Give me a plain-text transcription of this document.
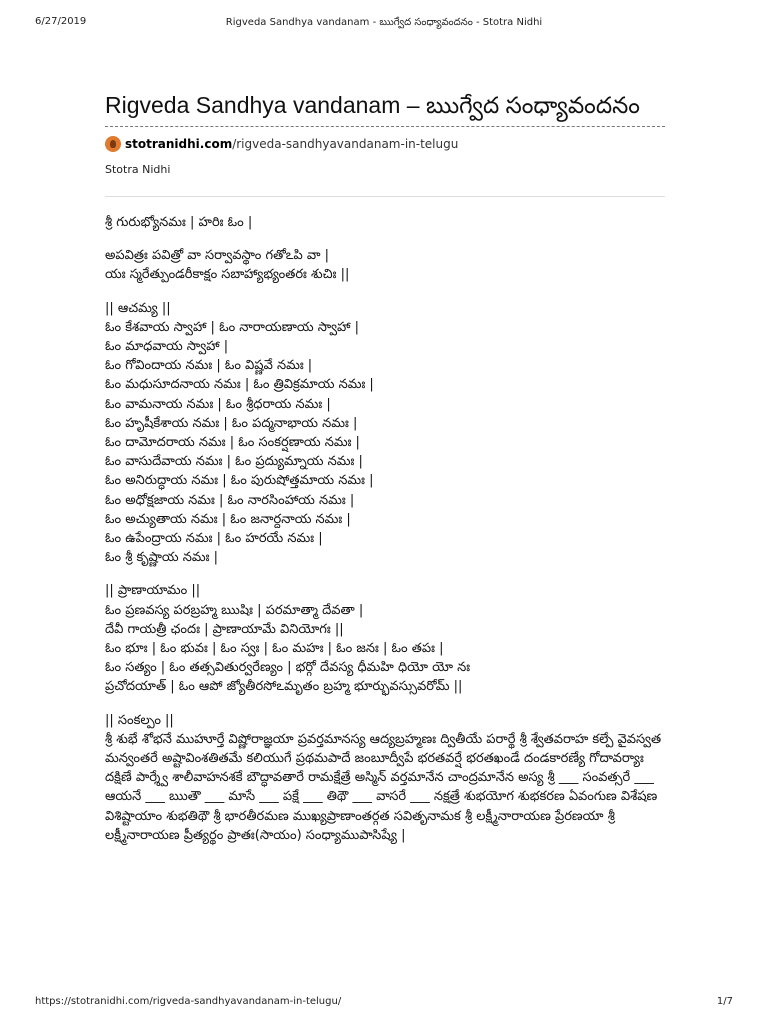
6/27/2019	Rigveda Sandhya vandanam - ఋగ్వేద సంధ్యావందనం - Stotra Nidhi
Rigveda Sandhya vandanam – ఋగ్వేద సంధ్యావందనం
stotranidhi.com /rigveda-sandhyavandanam-in-telugu
Stotra Nidhi
శ్రీ గురుభ్యోనమః | హరిః ఓం |
అపవిత్రః పవిత్రో వా సర్వావస్థాం గతోఽపి వా |
యః స్మరేత్పుండరీకాక్షం సబాహ్యాభ్యంతరః శుచిః ||
|| ఆచమ్య ||
ఓం కేశవాయ స్వాహా | ఓం నారాయణాయ స్వాహా |
ఓం మాధవాయ స్వాహా |
ఓం గోవిందాయ నమః | ఓం విష్ణవే నమః |
ఓం మధుసూదనాయ నమః | ఓం త్రివిక్రమాయ నమః |
ఓం వామనాయ నమః | ఓం శ్రీధరాయ నమః |
ఓం హృషీకేశాయ నమః | ఓం పద్మనాభాయ నమః |
ఓం దామోదరాయ నమః | ఓం సంకర్షణాయ నమః |
ఓం వాసుదేవాయ నమః | ఓం ప్రద్యుమ్నాయ నమః |
ఓం అనిరుద్ధాయ నమః | ఓం పురుషోత్తమాయ నమః |
ఓం అధోక్షజాయ నమః | ఓం నారసింహాయ నమః |
ఓం అచ్యుతాయ నమః | ఓం జనార్దనాయ నమః |
ఓం ఉపేంద్రాయ నమః | ఓం హరయే నమః |
ఓం శ్రీ కృష్ణాయ నమః |
|| ప్రాణాయామం ||
ఓం ప్రణవస్య పరబ్రహ్మ ఋషిః | పరమాత్మా దేవతా |
దేవీ గాయత్రీ ఛందః | ప్రాణాయామే వినియోగః ||
ఓం భూః | ఓం భువః | ఓం స్వః | ఓం మహః | ఓం జనః | ఓం తపః |
ఓం సత్యం | ఓం తత్సవితుర్వరేణ్యం | భర్గో దేవస్య ధీమహి ధియో యో నః
ప్రచోదయాత్ | ఓం ఆపో జ్యోతీరసోఽమృతం బ్రహ్మ భూర్భువస్సువరోమ్ ||
|| సంకల్పం ||
శ్రీ శుభే శోభనే ముహూర్తే విష్ణోరాజ్ఞయా ప్రవర్తమానస్య ఆద్యబ్రహ్మణః ద్వితీయే పరార్థే శ్రీ శ్వేతవరాహ కల్పే వైవస్వత మన్వంతరే అష్టావింశతితమే కలియుగే ప్రథమపాదే జంబూద్వీపే భరతవర్షే భరతఖండే దండకారణ్యే గోదావర్యాః దక్షిణే పార్శ్వే శాలీవాహనశకే బౌద్ధావతారే రామక్షేత్రే అస్మిన్ వర్తమానేన చాంద్రమానేన అస్య శ్రీ ___ సంవత్సరే ___ ఆయనే ___ ఋతౌ ___ మాసే ___ పక్షే ___ తిథౌ ___ వాసరే ___ నక్షత్రే శుభయోగ శుభకరణ ఏవంగుణ విశేషణ విశిష్టాయాం శుభతిథౌ శ్రీ భారతీరమణ ముఖ్యప్రాణాంతర్గత సవితృనామక శ్రీ లక్ష్మీనారాయణ ప్రేరణయా శ్రీ లక్ష్మీనారాయణ ప్రీత్యర్థం ప్రాతః(సాయం) సంధ్యాముపాసిష్యే |
https://stotranidhi.com/rigveda-sandhyavandanam-in-telugu/	1/7
